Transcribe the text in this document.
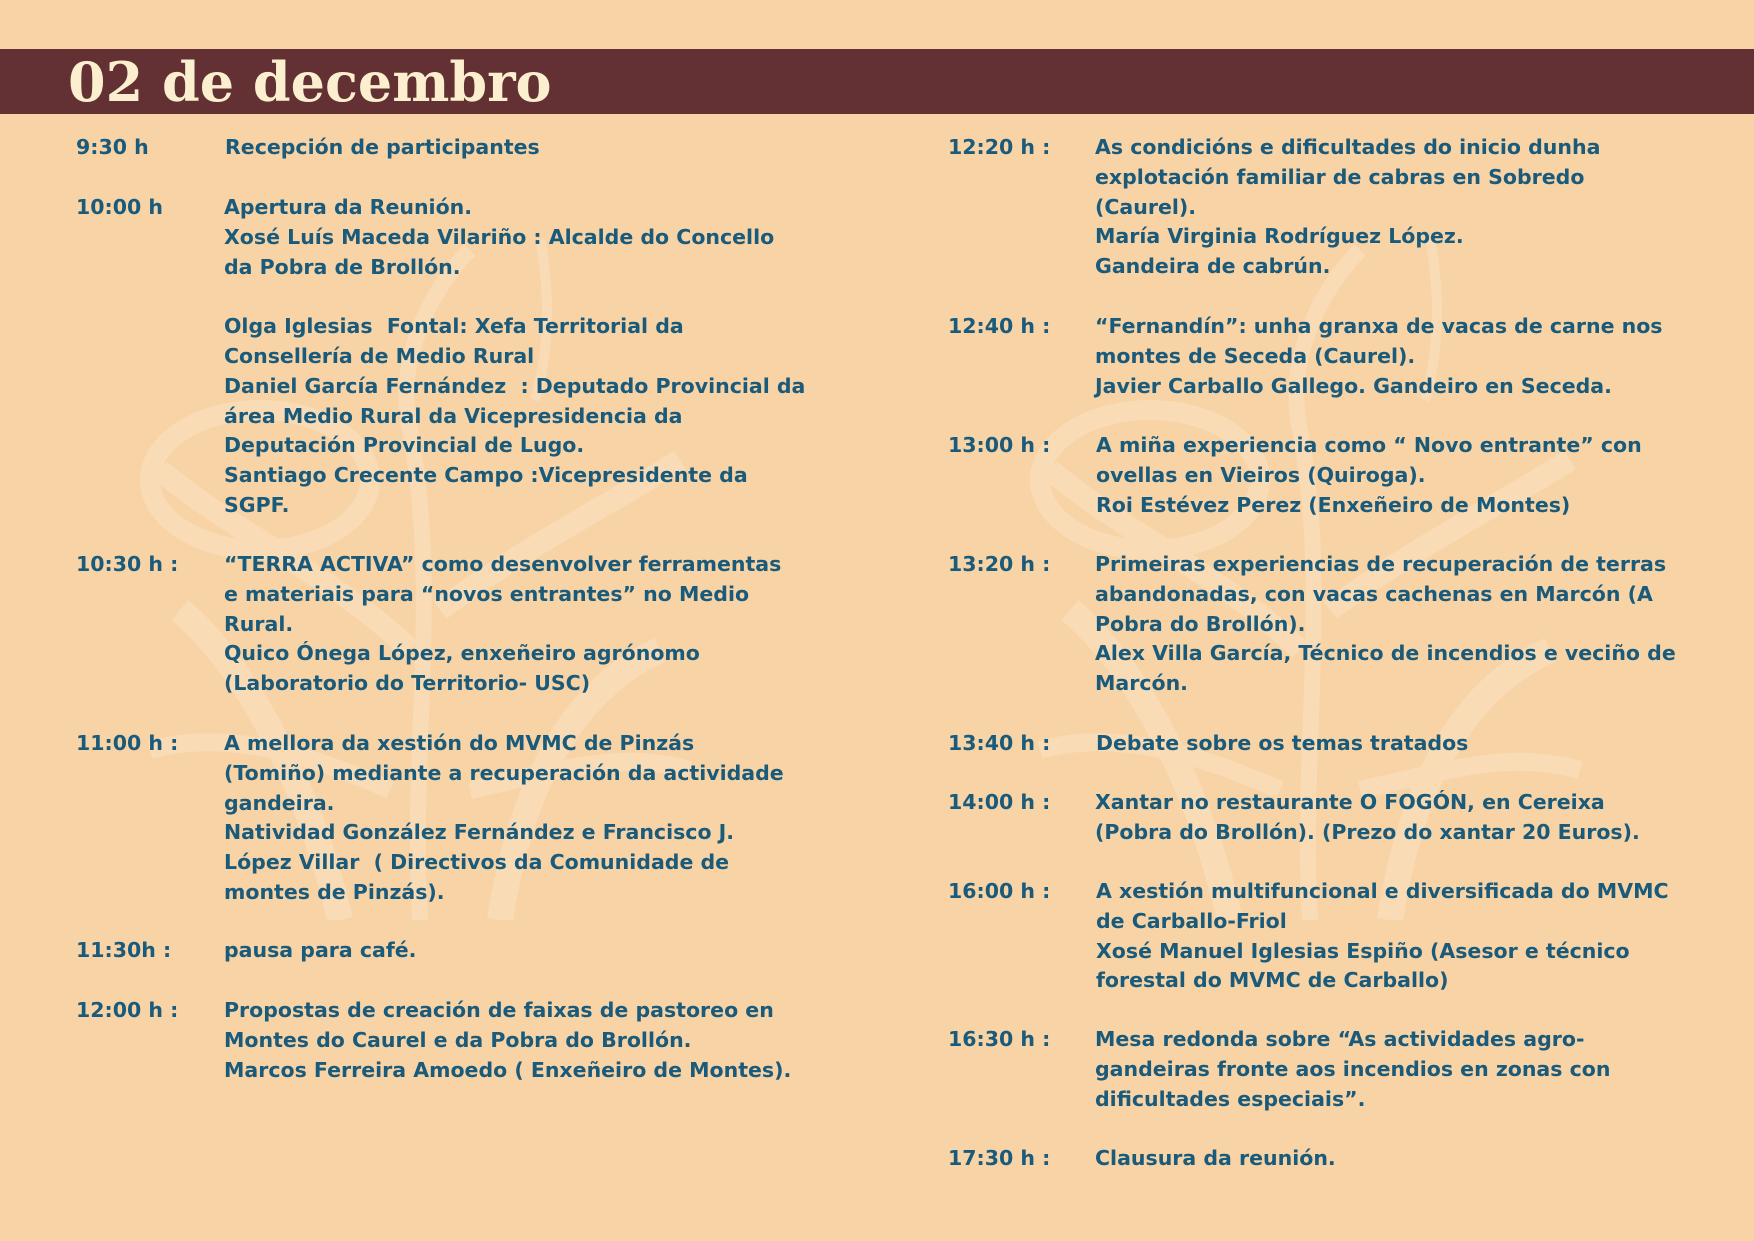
02 de decembro
9:30 h	Recepción de participantes
10:00 h	Apertura da Reunión.
Xosé Luís Maceda Vilariño : Alcalde do Concello
da Pobra de Brollón.

Olga Iglesias  Fontal: Xefa Territorial da
Consellería de Medio Rural
Daniel García Fernández  : Deputado Provincial da
área Medio Rural da Vicepresidencia da
Deputación Provincial de Lugo.
Santiago Crecente Campo :Vicepresidente da
SGPF.
10:30 h : “TERRA ACTIVA” como desenvolver ferramentas
e materiais para “novos entrantes” no Medio
Rural.
Quico Ónega López, enxeñeiro agrónomo
(Laboratorio do Territorio- USC)
11:00 h : A mellora da xestión do MVMC de Pinzás
(Tomiño) mediante a recuperación da actividade
gandeira.
Natividad González Fernández e Francisco J.
López Villar  ( Directivos da Comunidade de
montes de Pinzás).
11:30h :	pausa para café.
12:00 h : Propostas de creación de faixas de pastoreo en
Montes do Caurel e da Pobra do Brollón.
Marcos Ferreira Amoedo ( Enxeñeiro de Montes).
12:20 h : As condicións e dificultades do inicio dunha
explotación familiar de cabras en Sobredo
(Caurel).
María Virginia Rodríguez López.
Gandeira de cabrún.
12:40 h : “Fernandín”: unha granxa de vacas de carne nos
montes de Seceda (Caurel).
Javier Carballo Gallego. Gandeiro en Seceda.
13:00 h : A miña experiencia como “ Novo entrante” con
ovellas en Vieiros (Quiroga).
Roi Estévez Perez (Enxeñeiro de Montes)
13:20 h : Primeiras experiencias de recuperación de terras
abandonadas, con vacas cachenas en Marcón (A
Pobra do Brollón).
Alex Villa García, Técnico de incendios e veciño de
Marcón.
13:40 h : Debate sobre os temas tratados
14:00 h : Xantar no restaurante O FOGÓN, en Cereixa
(Pobra do Brollón). (Prezo do xantar 20 Euros).
16:00 h : A xestión multifuncional e diversificada do MVMC
de Carballo-Friol
Xosé Manuel Iglesias Espiño (Asesor e técnico
forestal do MVMC de Carballo)
16:30 h : Mesa redonda sobre “As actividades agro-
gandeiras fronte aos incendios en zonas con
dificultades especiais”.
17:30 h : Clausura da reunión.
